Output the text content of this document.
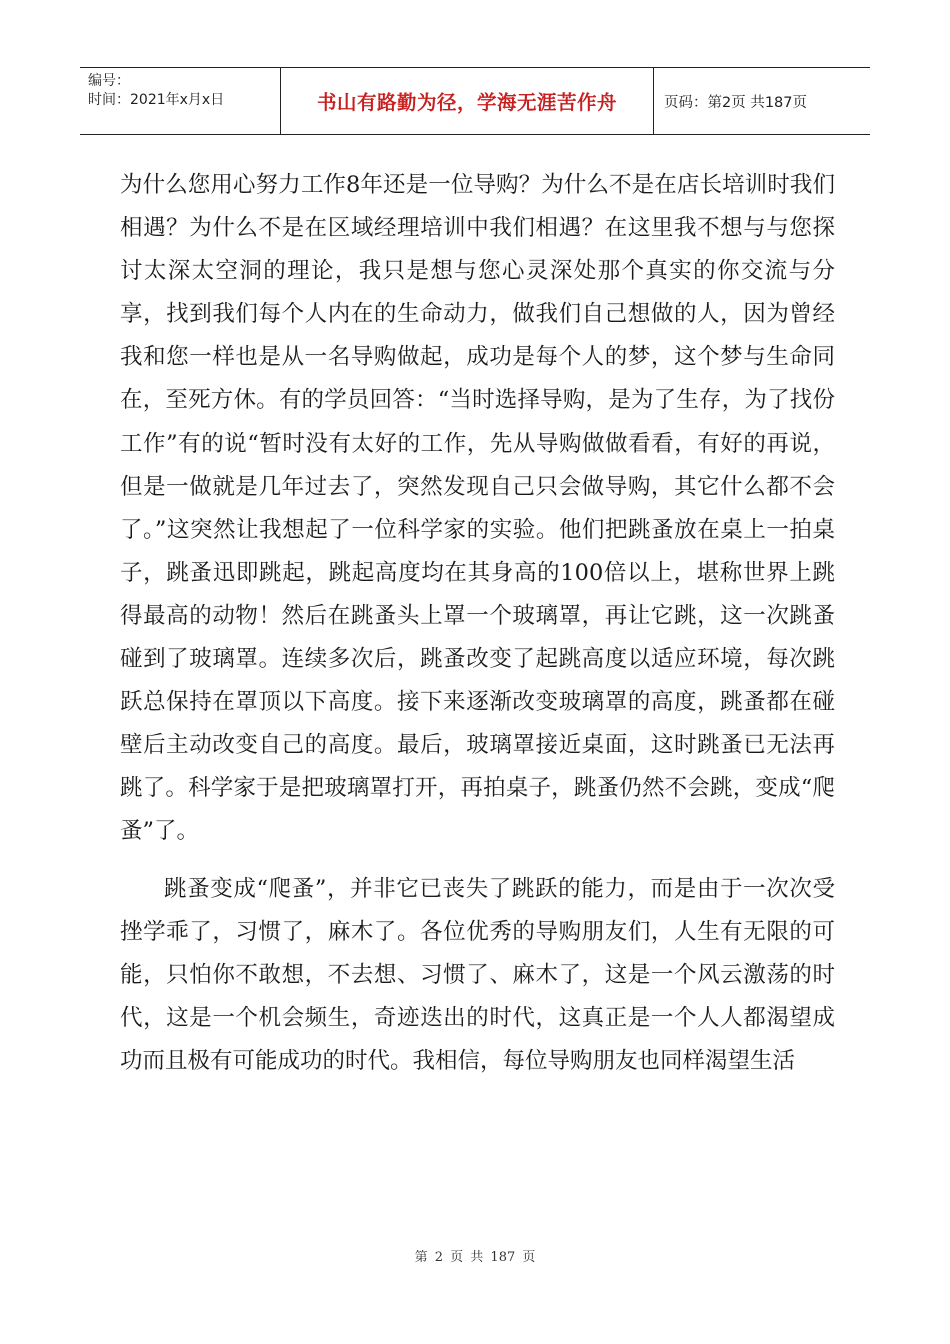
编号：
时间：2021年x月x日	书山有路勤为径，学海无涯苦作舟	页码：第2页 共187页

为什么您用心努力工作8年还是一位导购？为什么不是在店长培训时我们相遇？为什么不是在区域经理培训中我们相遇？在这里我不想与与您探讨太深太空洞的理论，我只是想与您心灵深处那个真实的你交流与分享，找到我们每个人内在的生命动力，做我们自己想做的人，因为曾经我和您一样也是从一名导购做起，成功是每个人的梦，这个梦与生命同在，至死方休。有的学员回答：“当时选择导购，是为了生存，为了找份工作”有的说“暂时没有太好的工作，先从导购做做看看，有好的再说，但是一做就是几年过去了，突然发现自己只会做导购，其它什么都不会了。”这突然让我想起了一位科学家的实验。他们把跳蚤放在桌上一拍桌子，跳蚤迅即跳起，跳起高度均在其身高的100倍以上，堪称世界上跳得最高的动物！然后在跳蚤头上罩一个玻璃罩，再让它跳，这一次跳蚤碰到了玻璃罩。连续多次后，跳蚤改变了起跳高度以适应环境，每次跳跃总保持在罩顶以下高度。接下来逐渐改变玻璃罩的高度，跳蚤都在碰壁后主动改变自己的高度。最后，玻璃罩接近桌面，这时跳蚤已无法再跳了。科学家于是把玻璃罩打开，再拍桌子，跳蚤仍然不会跳，变成“爬蚤”了。

跳蚤变成“爬蚤”，并非它已丧失了跳跃的能力，而是由于一次次受挫学乖了，习惯了，麻木了。各位优秀的导购朋友们，人生有无限的可能，只怕你不敢想，不去想、习惯了、麻木了，这是一个风云激荡的时代，这是一个机会频生，奇迹迭出的时代，这真正是一个人人都渴望成功而且极有可能成功的时代。我相信，每位导购朋友也同样渴望生活

第 2 页 共 187 页
